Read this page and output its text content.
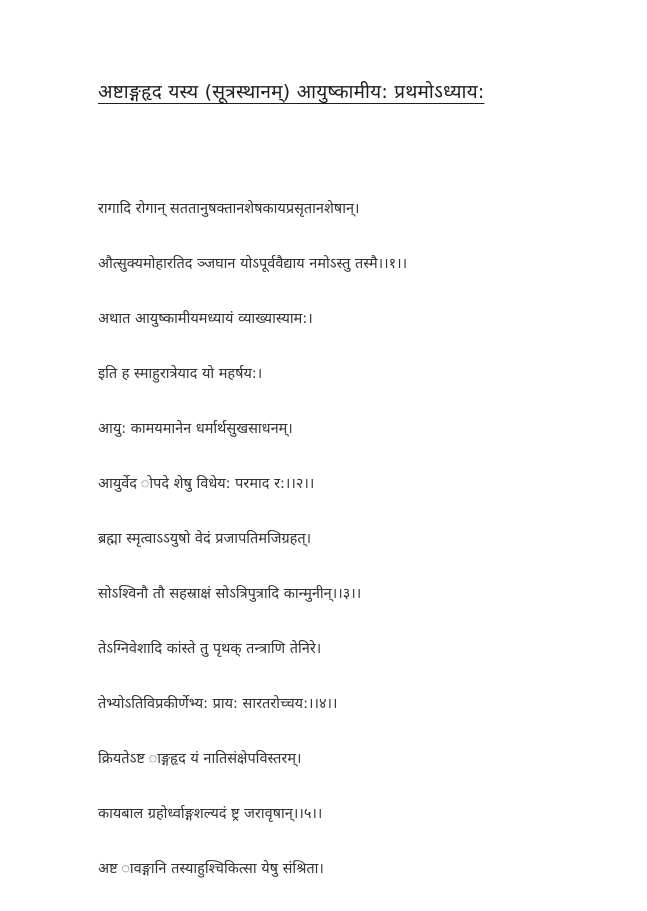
अष्टाङ्गहृद यस्य (सूत्रस्थानम्) आयुष्कामीय: प्रथमोऽध्याय:
रागादि रोगान् सततानुषक्तानशेषकायप्रसृतानशेषान्।
औत्सुक्यमोहारतिद ञ्जघान योऽपूर्ववैद्याय नमोऽस्तु तस्मै।।१।।
अथात आयुष्कामीयमध्यायं व्याख्यास्याम:।
इति ह स्माहुरात्रेयाद यो महर्षय:।
आयु: कामयमानेन धर्मार्थसुखसाधनम्।
आयुर्वेद ोपदे शेषु विधेय: परमाद र:।।२।।
ब्रह्मा स्मृत्वाऽऽयुषो वेदं प्रजापतिमजिग्रहत्।
सोऽश्विनौ तौ सहस्राक्षं सोऽत्रिपुत्रादि कान्मुनीन्।।३।।
तेऽग्निवेशादि कांस्ते तु पृथक् तन्त्राणि तेनिरे।
तेभ्योऽतिविप्रकीर्णेभ्य: प्राय: सारतरोच्चय:।।४।।
क्रियतेऽष्ट ाङ्गहृद यं नातिसंक्षेपविस्तरम्।
कायबाल ग्रहोर्ध्वाङ्गशल्यदं ष्ट्र जरावृषान्।।५।।
अष्ट ावङ्गानि तस्याहुश्चिकित्सा येषु संश्रिता।
